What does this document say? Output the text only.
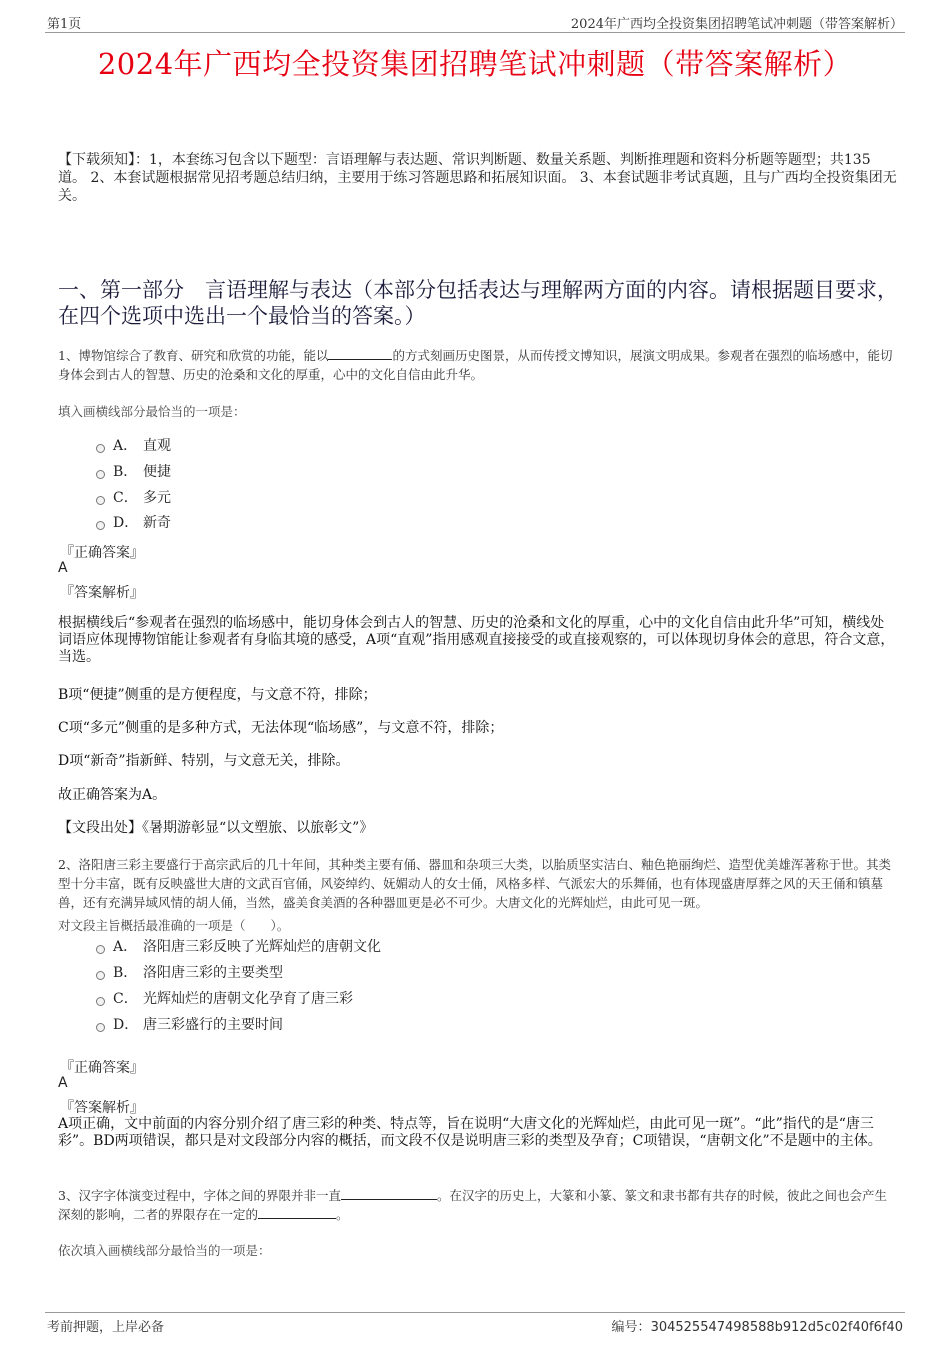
第1页	2024年广西均全投资集团招聘笔试冲刺题（带答案解析）
2024年广西均全投资集团招聘笔试冲刺题（带答案解析）
【下载须知】：1，本套练习包含以下题型：言语理解与表达题、常识判断题、数量关系题、判断推理题和资料分析题等题型；共135道。 2、本套试题根据常见招考题总结归纳，主要用于练习答题思路和拓展知识面。 3、本套试题非考试真题，且与广西均全投资集团无关。
一、第一部分　言语理解与表达（本部分包括表达与理解两方面的内容。请根据题目要求，在四个选项中选出一个最恰当的答案。）
1、博物馆综合了教育、研究和欣赏的功能，能以	的方式刻画历史图景，从而传授文博知识，展演文明成果。参观者在强烈的临场感中，能切身体会到古人的智慧、历史的沧桑和文化的厚重，心中的文化自信由此升华。
填入画横线部分最恰当的一项是：
A． 直观
B． 便捷
C． 多元
D． 新奇
『正确答案』
A
『答案解析』
根据横线后“参观者在强烈的临场感中，能切身体会到古人的智慧、历史的沧桑和文化的厚重，心中的文化自信由此升华”可知，横线处词语应体现博物馆能让参观者有身临其境的感受，A项“直观”指用感观直接接受的或直接观察的，可以体现切身体会的意思，符合文意，当选。
B项“便捷”侧重的是方便程度，与文意不符，排除；
C项“多元”侧重的是多种方式，无法体现“临场感”，与文意不符，排除；
D项“新奇”指新鲜、特别，与文意无关，排除。
故正确答案为A。
【文段出处】《暑期游彰显“以文塑旅、以旅彰文”》
2、洛阳唐三彩主要盛行于高宗武后的几十年间，其种类主要有俑、器皿和杂项三大类，以胎质坚实洁白、釉色艳丽绚烂、造型优美雄浑著称于世。其类型十分丰富，既有反映盛世大唐的文武百官俑，风姿绰约、妩媚动人的女士俑，风格多样、气派宏大的乐舞俑，也有体现盛唐厚葬之风的天王俑和镇墓兽，还有充满异域风情的胡人俑，当然，盛美食美酒的各种器皿更是必不可少。大唐文化的光辉灿烂，由此可见一斑。
对文段主旨概括最准确的一项是（　　）。
A． 洛阳唐三彩反映了光辉灿烂的唐朝文化
B． 洛阳唐三彩的主要类型
C． 光辉灿烂的唐朝文化孕育了唐三彩
D． 唐三彩盛行的主要时间
『正确答案』
A
『答案解析』
A项正确，文中前面的内容分别介绍了唐三彩的种类、特点等，旨在说明“大唐文化的光辉灿烂，由此可见一斑”。“此”指代的是“唐三彩”。BD两项错误，都只是对文段部分内容的概括，而文段不仅是说明唐三彩的类型及孕育；C项错误，“唐朝文化”不是题中的主体。
3、汉字字体演变过程中，字体之间的界限并非一直	。在汉字的历史上，大篆和小篆、篆文和隶书都有共存的时候，彼此之间也会产生深刻的影响，二者的界限存在一定的	。
依次填入画横线部分最恰当的一项是：
考前押题，上岸必备	编号：30452554749858​8b912d5c02f40f6f40
